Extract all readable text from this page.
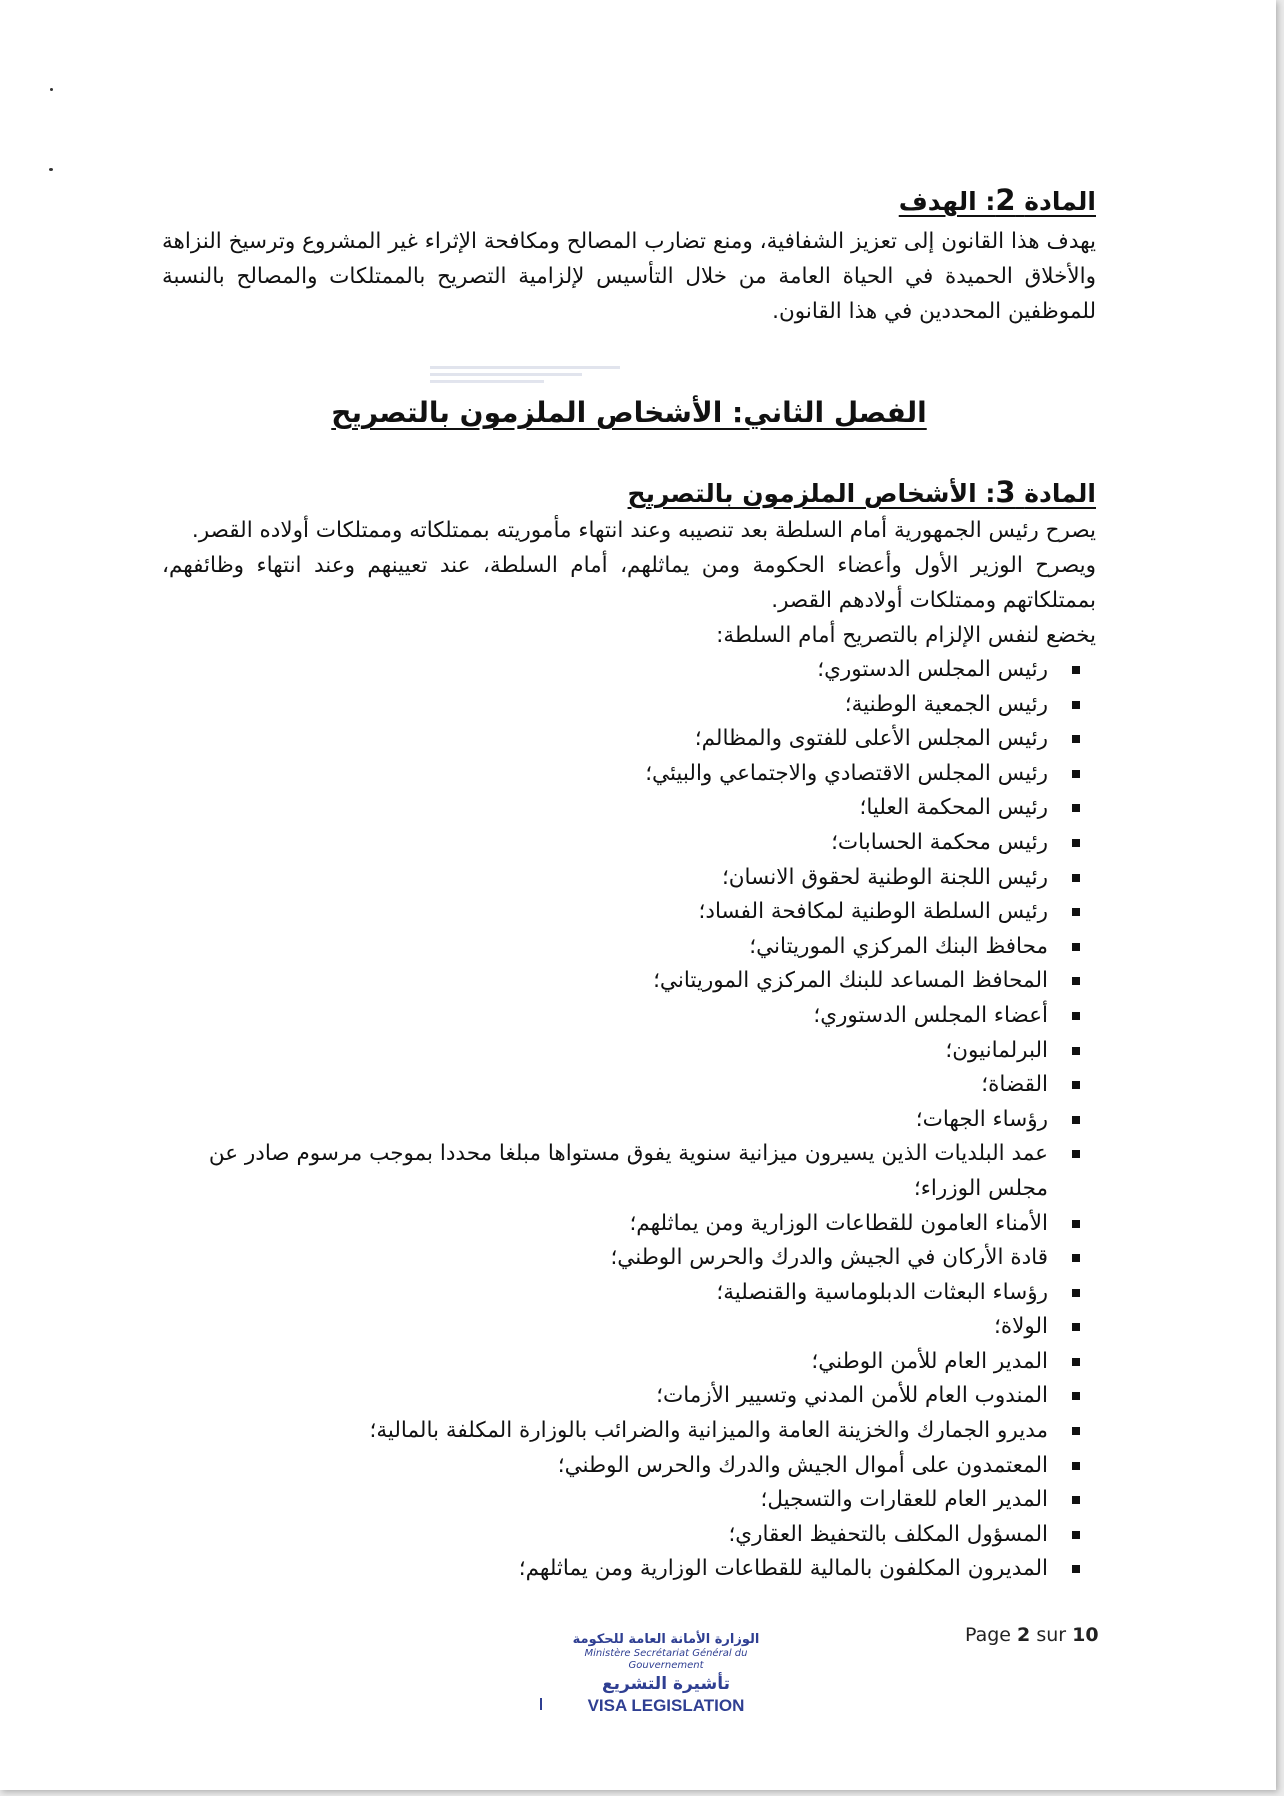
المادة 2: الهدف
يهدف هذا القانون إلى تعزيز الشفافية، ومنع تضارب المصالح ومكافحة الإثراء غير المشروع وترسيخ النزاهة والأخلاق الحميدة في الحياة العامة من خلال التأسيس لإلزامية التصريح بالممتلكات والمصالح بالنسبة للموظفين المحددين في هذا القانون.
الفصل الثاني: الأشخاص الملزمون بالتصريح
المادة 3: الأشخاص الملزمون بالتصريح
يصرح رئيس الجمهورية أمام السلطة بعد تنصيبه وعند انتهاء مأموريته بممتلكاته وممتلكات أولاده القصر.
ويصرح الوزير الأول وأعضاء الحكومة ومن يماثلهم، أمام السلطة، عند تعيينهم وعند انتهاء وظائفهم، بممتلكاتهم وممتلكات أولادهم القصر.
يخضع لنفس الإلزام بالتصريح أمام السلطة:
رئيس المجلس الدستوري؛
رئيس الجمعية الوطنية؛
رئيس المجلس الأعلى للفتوى والمظالم؛
رئيس المجلس الاقتصادي والاجتماعي والبيئي؛
رئيس المحكمة العليا؛
رئيس محكمة الحسابات؛
رئيس اللجنة الوطنية لحقوق الانسان؛
رئيس السلطة الوطنية لمكافحة الفساد؛
محافظ البنك المركزي الموريتاني؛
المحافظ المساعد للبنك المركزي الموريتاني؛
أعضاء المجلس الدستوري؛
البرلمانيون؛
القضاة؛
رؤساء الجهات؛
عمد البلديات الذين يسيرون ميزانية سنوية يفوق مستواها مبلغا محددا بموجب مرسوم صادر عن مجلس الوزراء؛
الأمناء العامون للقطاعات الوزارية ومن يماثلهم؛
قادة الأركان في الجيش والدرك والحرس الوطني؛
رؤساء البعثات الدبلوماسية والقنصلية؛
الولاة؛
المدير العام للأمن الوطني؛
المندوب العام للأمن المدني وتسيير الأزمات؛
مديرو الجمارك والخزينة العامة والميزانية والضرائب بالوزارة المكلفة بالمالية؛
المعتمدون على أموال الجيش والدرك والحرس الوطني؛
المدير العام للعقارات والتسجيل؛
المسؤول المكلف بالتحفيظ العقاري؛
المديرون المكلفون بالمالية للقطاعات الوزارية ومن يماثلهم؛
Page 2 sur 10
الوزارة الأمانة العامة للحكومة
Ministère Secrétariat Général du Gouvernement
تأشيرة التشريع
VISA LEGISLATION
